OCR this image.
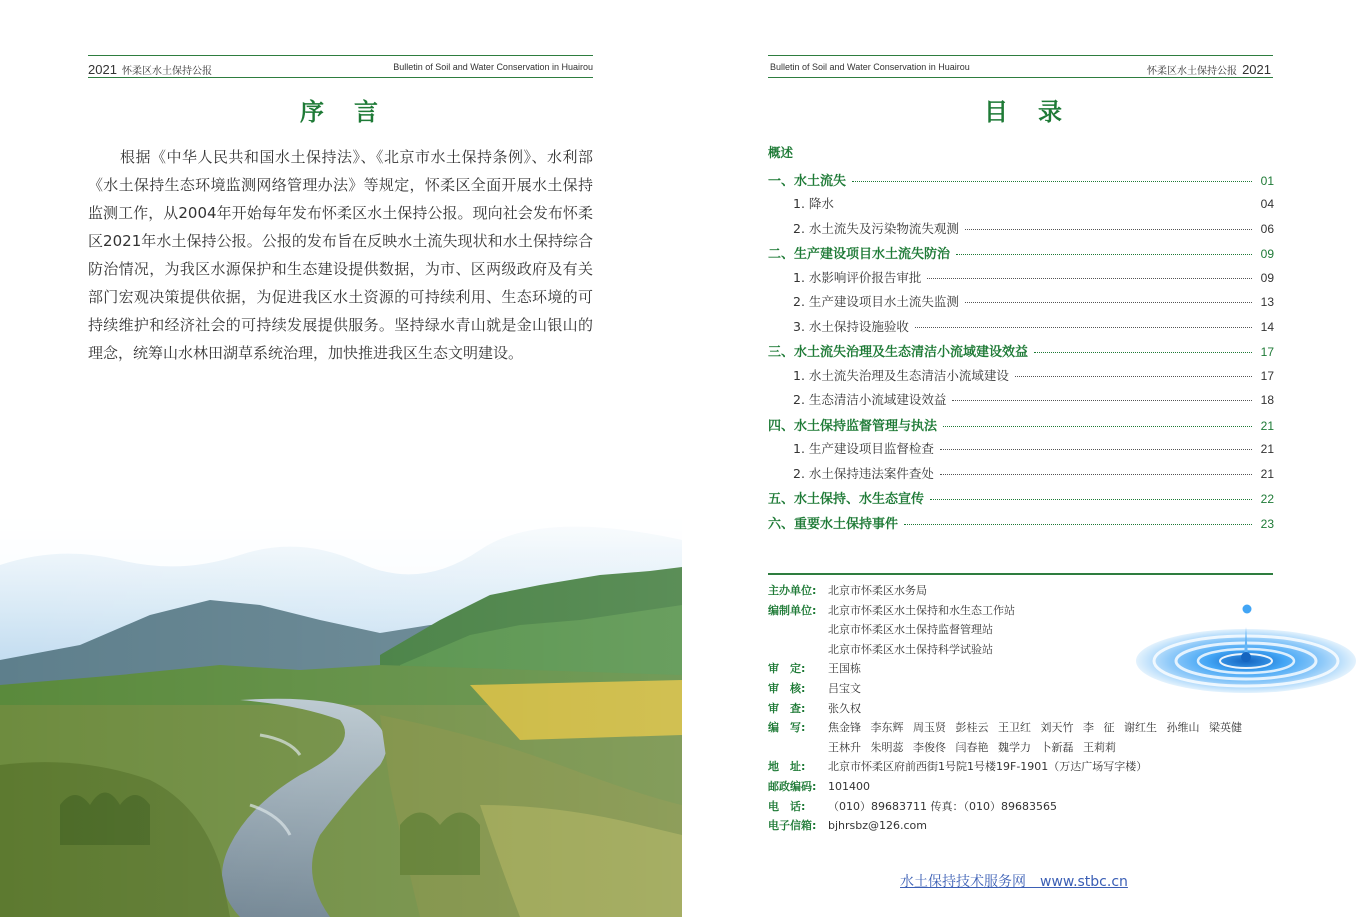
2021 怀柔区水土保持公报	Bulletin of Soil and Water Conservation in Huairou
序言
根据《中华人民共和国水土保持法》、《北京市水土保持条例》、水利部《水土保持生态环境监测网络管理办法》等规定，怀柔区全面开展水土保持监测工作，从2004年开始每年发布怀柔区水土保持公报。现向社会发布怀柔区2021年水土保持公报。公报的发布旨在反映水土流失现状和水土保持综合防治情况，为我区水源保护和生态建设提供数据，为市、区两级政府及有关部门宏观决策提供依据，为促进我区水土资源的可持续利用、生态环境的可持续维护和经济社会的可持续发展提供服务。坚持绿水青山就是金山银山的理念，统筹山水林田湖草系统治理，加快推进我区生态文明建设。
Bulletin of Soil and Water Conservation in Huairou	怀柔区水土保持公报 2021
目录
概述
一、水土流失	01
1. 降水	04
2. 水土流失及污染物流失观测	06
二、生产建设项目水土流失防治	09
1. 水影响评价报告审批	09
2. 生产建设项目水土流失监测	13
3. 水土保持设施验收	14
三、水土流失治理及生态清洁小流域建设效益	17
1. 水土流失治理及生态清洁小流域建设	17
2. 生态清洁小流域建设效益	18
四、水土保持监督管理与执法	21
1. 生产建设项目监督检查	21
2. 水土保持违法案件查处	21
五、水土保持、水生态宣传	22
六、重要水土保持事件	23
主办单位:	北京市怀柔区水务局
编制单位:	北京市怀柔区水土保持和水生态工作站
北京市怀柔区水土保持监督管理站
北京市怀柔区水土保持科学试验站
审　定:	王国栋
审　核:	吕宝文
审　查:	张久权
编　写:	焦金锋 李东辉 周玉贤 彭桂云 王卫红 刘天竹 李 征 谢红生 孙维山 梁英健
王林升 朱明蕊 李俊佟 闫春艳 魏学力 卜新磊 王莉莉
地　址:	北京市怀柔区府前西街1号院1号楼19F-1901（万达广场写字楼）
邮政编码:	101400
电　话:	（010）89683711 传真：（010）89683565
电子信箱:	bjhrsbz@126.com
水土保持技术服务网　www.stbc.cn
